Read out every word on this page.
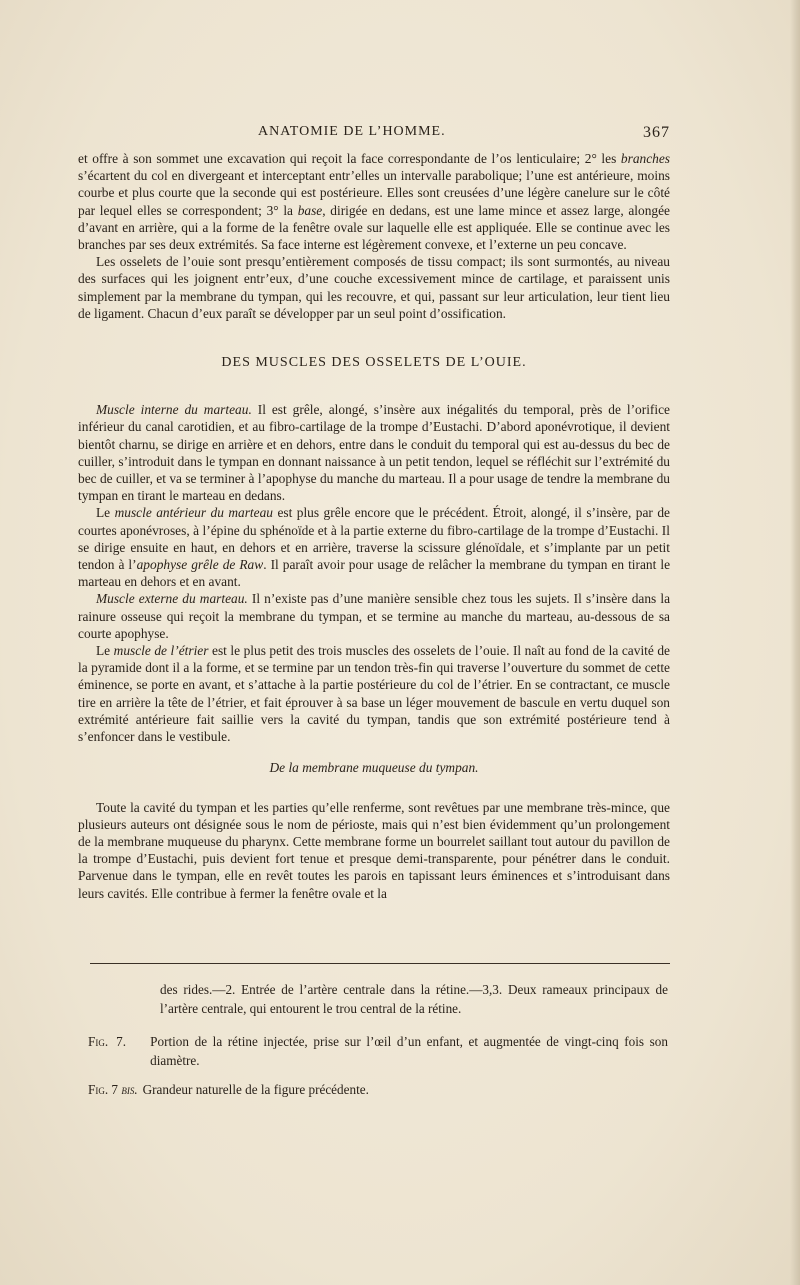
ANATOMIE DE L’HOMME.	367

et offre à son sommet une excavation qui reçoit la face correspondante de l’os lenticulaire; 2° les branches s’écartent du col en divergeant et interceptant entr’elles un intervalle parabolique; l’une est antérieure, moins courbe et plus courte que la seconde qui est postérieure. Elles sont creusées d’une légère canelure sur le côté par lequel elles se correspondent; 3° la base, dirigée en dedans, est une lame mince et assez large, alongée d’avant en arrière, qui a la forme de la fenêtre ovale sur laquelle elle est appliquée. Elle se continue avec les branches par ses deux extrémités. Sa face interne est légèrement convexe, et l’externe un peu concave.

Les osselets de l’ouie sont presqu’entièrement composés de tissu compact; ils sont surmontés, au niveau des surfaces qui les joignent entr’eux, d’une couche excessivement mince de cartilage, et paraissent unis simplement par la membrane du tympan, qui les recouvre, et qui, passant sur leur articulation, leur tient lieu de ligament. Chacun d’eux paraît se développer par un seul point d’ossification.

DES MUSCLES DES OSSELETS DE L’OUIE.

Muscle interne du marteau. Il est grêle, alongé, s’insère aux inégalités du temporal, près de l’orifice inférieur du canal carotidien, et au fibro-cartilage de la trompe d’Eustachi. D’abord aponévrotique, il devient bientôt charnu, se dirige en arrière et en dehors, entre dans le conduit du temporal qui est au-dessus du bec de cuiller, s’introduit dans le tympan en donnant naissance à un petit tendon, lequel se réfléchit sur l’extrémité du bec de cuiller, et va se terminer à l’apophyse du manche du marteau. Il a pour usage de tendre la membrane du tympan en tirant le marteau en dedans.

Le muscle antérieur du marteau est plus grêle encore que le précédent. Étroit, alongé, il s’insère, par de courtes aponévroses, à l’épine du sphénoïde et à la partie externe du fibro-cartilage de la trompe d’Eustachi. Il se dirige ensuite en haut, en dehors et en arrière, traverse la scissure glénoïdale, et s’implante par un petit tendon à l’apophyse grêle de Raw. Il paraît avoir pour usage de relâcher la membrane du tympan en tirant le marteau en dehors et en avant.

Muscle externe du marteau. Il n’existe pas d’une manière sensible chez tous les sujets. Il s’insère dans la rainure osseuse qui reçoit la membrane du tympan, et se termine au manche du marteau, au-dessous de sa courte apophyse.

Le muscle de l’étrier est le plus petit des trois muscles des osselets de l’ouie. Il naît au fond de la cavité de la pyramide dont il a la forme, et se termine par un tendon très-fin qui traverse l’ouverture du sommet de cette éminence, se porte en avant, et s’attache à la partie postérieure du col de l’étrier. En se contractant, ce muscle tire en arrière la tête de l’étrier, et fait éprouver à sa base un léger mouvement de bascule en vertu duquel son extrémité antérieure fait saillie vers la cavité du tympan, tandis que son extrémité postérieure tend à s’enfoncer dans le vestibule.

De la membrane muqueuse du tympan.

Toute la cavité du tympan et les parties qu’elle renferme, sont revêtues par une membrane très-mince, que plusieurs auteurs ont désignée sous le nom de périoste, mais qui n’est bien évidemment qu’un prolongement de la membrane muqueuse du pharynx. Cette membrane forme un bourrelet saillant tout autour du pavillon de la trompe d’Eustachi, puis devient fort tenue et presque demi-transparente, pour pénétrer dans le conduit. Parvenue dans le tympan, elle en revêt toutes les parois en tapissant leurs éminences et s’introduisant dans leurs cavités. Elle contribue à fermer la fenêtre ovale et la

des rides.—2. Entrée de l’artère centrale dans la rétine.—3,3. Deux rameaux principaux de l’artère centrale, qui entourent le trou central de la rétine.

Fig. 7.	Portion de la rétine injectée, prise sur l’œil d’un enfant, et augmentée de vingt-cinq fois son diamètre.
Fig. 7 bis. Grandeur naturelle de la figure précédente.
